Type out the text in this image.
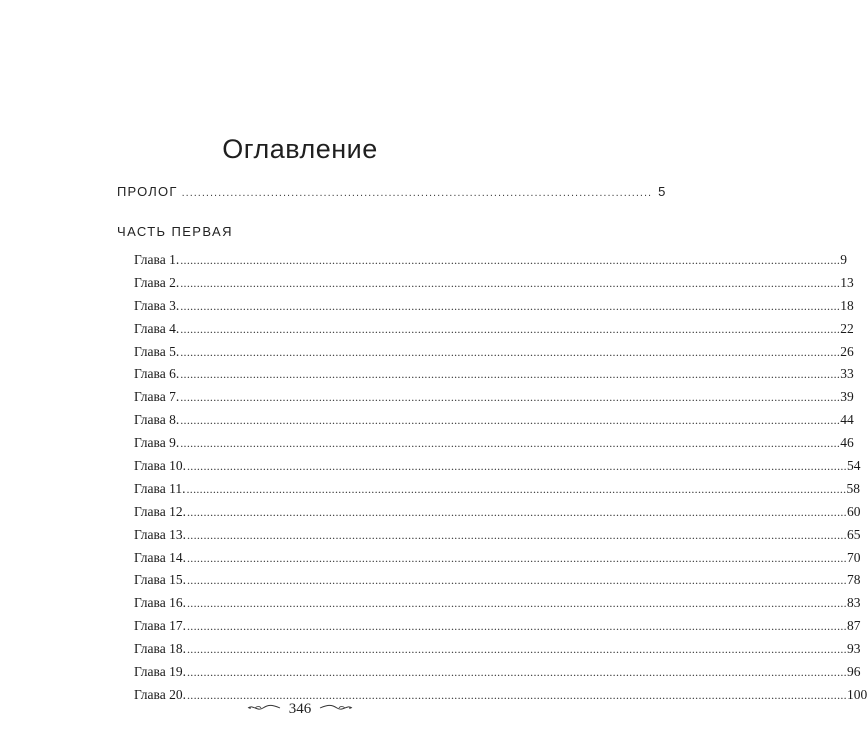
Оглавление
ПРОЛОГ .................................................................................................................... 5
ЧАСТЬ ПЕРВАЯ
Глава 1. ........................................................................................................................................................................................................ 9
Глава 2. ........................................................................................................................................................................................................ 13
Глава 3. ........................................................................................................................................................................................................ 18
Глава 4. ........................................................................................................................................................................................................ 22
Глава 5. ........................................................................................................................................................................................................ 26
Глава 6. ........................................................................................................................................................................................................ 33
Глава 7. ........................................................................................................................................................................................................ 39
Глава 8. ........................................................................................................................................................................................................ 44
Глава 9. ........................................................................................................................................................................................................ 46
Глава 10. ........................................................................................................................................................................................................ 54
Глава 11. ........................................................................................................................................................................................................ 58
Глава 12. ........................................................................................................................................................................................................ 60
Глава 13. ........................................................................................................................................................................................................ 65
Глава 14. ........................................................................................................................................................................................................ 70
Глава 15. ........................................................................................................................................................................................................ 78
Глава 16. ........................................................................................................................................................................................................ 83
Глава 17. ........................................................................................................................................................................................................ 87
Глава 18. ........................................................................................................................................................................................................ 93
Глава 19. ........................................................................................................................................................................................................ 96
Глава 20. ........................................................................................................................................................................................................ 100
346
